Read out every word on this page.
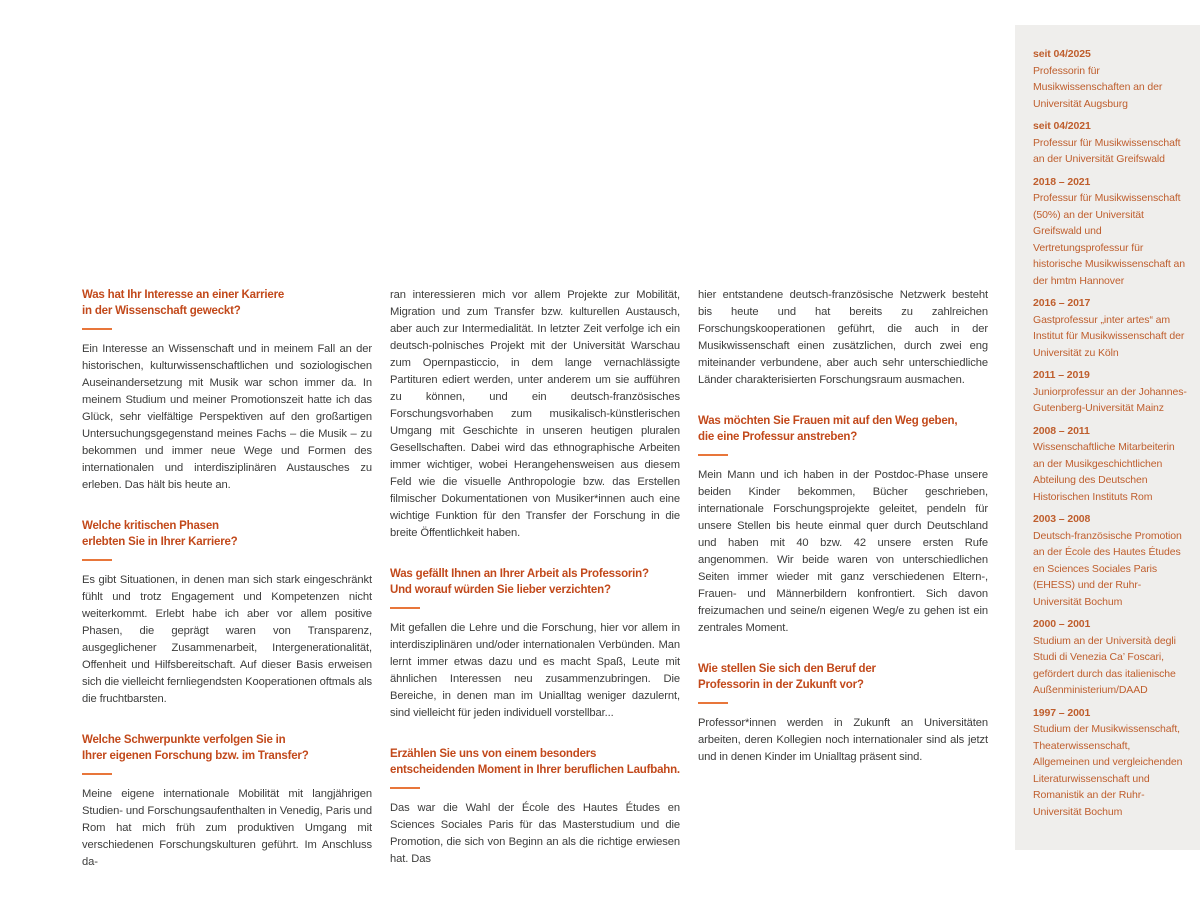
Was hat Ihr Interesse an einer Karriere
in der Wissenschaft geweckt?

Ein Interesse an Wissenschaft und in meinem Fall an der historischen, kulturwissenschaftlichen und soziologischen Auseinandersetzung mit Musik war schon immer da. In meinem Studium und meiner Promotionszeit hatte ich das Glück, sehr vielfältige Perspektiven auf den großartigen Untersuchungsgegenstand meines Fachs – die Musik – zu bekommen und immer neue Wege und Formen des internationalen und interdisziplinären Austausches zu erleben. Das hält bis heute an.

Welche kritischen Phasen
erlebten Sie in Ihrer Karriere?

Es gibt Situationen, in denen man sich stark eingeschränkt fühlt und trotz Engagement und Kompetenzen nicht weiterkommt. Erlebt habe ich aber vor allem positive Phasen, die geprägt waren von Transparenz, ausgeglichener Zusammenarbeit, Intergenerationalität, Offenheit und Hilfsbereitschaft. Auf dieser Basis erweisen sich die vielleicht fernliegendsten Kooperationen oftmals als die fruchtbarsten.

Welche Schwerpunkte verfolgen Sie in
Ihrer eigenen Forschung bzw. im Transfer?

Meine eigene internationale Mobilität mit langjährigen Studien- und Forschungsaufenthalten in Venedig, Paris und Rom hat mich früh zum produktiven Umgang mit verschiedenen Forschungskulturen geführt. Im Anschluss da-

ran interessieren mich vor allem Projekte zur Mobilität, Migration und zum Transfer bzw. kulturellen Austausch, aber auch zur Intermedialität. In letzter Zeit verfolge ich ein deutsch-polnisches Projekt mit der Universität Warschau zum Opernpasticcio, in dem lange vernachlässigte Partituren ediert werden, unter anderem um sie aufführen zu können, und ein deutsch-französisches Forschungsvorhaben zum musikalisch-künstlerischen Umgang mit Geschichte in unseren heutigen pluralen Gesellschaften. Dabei wird das ethnographische Arbeiten immer wichtiger, wobei Herangehensweisen aus diesem Feld wie die visuelle Anthropologie bzw. das Erstellen filmischer Dokumentationen von Musiker*innen auch eine wichtige Funktion für den Transfer der Forschung in die breite Öffentlichkeit haben.

Was gefällt Ihnen an Ihrer Arbeit als Professorin?
Und worauf würden Sie lieber verzichten?

Mit gefallen die Lehre und die Forschung, hier vor allem in interdisziplinären und/oder internationalen Verbünden. Man lernt immer etwas dazu und es macht Spaß, Leute mit ähnlichen Interessen neu zusammenzubringen. Die Bereiche, in denen man im Unialltag weniger dazulernt, sind vielleicht für jeden individuell vorstellbar...

Erzählen Sie uns von einem besonders
entscheidenden Moment in Ihrer beruflichen Laufbahn.

Das war die Wahl der École des Hautes Études en Sciences Sociales Paris für das Masterstudium und die Promotion, die sich von Beginn an als die richtige erwiesen hat. Das

hier entstandene deutsch-französische Netzwerk besteht bis heute und hat bereits zu zahlreichen Forschungskooperationen geführt, die auch in der Musikwissenschaft einen zusätzlichen, durch zwei eng miteinander verbundene, aber auch sehr unterschiedliche Länder charakterisierten Forschungsraum ausmachen.

Was möchten Sie Frauen mit auf den Weg geben,
die eine Professur anstreben?

Mein Mann und ich haben in der Postdoc-Phase unsere beiden Kinder bekommen, Bücher geschrieben, internationale Forschungsprojekte geleitet, pendeln für unsere Stellen bis heute einmal quer durch Deutschland und haben mit 40 bzw. 42 unsere ersten Rufe angenommen. Wir beide waren von unterschiedlichen Seiten immer wieder mit ganz verschiedenen Eltern-, Frauen- und Männerbildern konfrontiert. Sich davon freizumachen und seine/n eigenen Weg/e zu gehen ist ein zentrales Moment.

Wie stellen Sie sich den Beruf der
Professorin in der Zukunft vor?

Professor*innen werden in Zukunft an Universitäten arbeiten, deren Kollegien noch internationaler sind als jetzt und in denen Kinder im Unialltag präsent sind.

seit 04/2025
Professorin für Musikwissenschaften an der Universität Augsburg
seit 04/2021
Professur für Musikwissenschaft an der Universität Greifswald
2018 – 2021
Professur für Musikwissenschaft (50%) an der Universität Greifswald und Vertretungsprofessur für historische Musikwissenschaft an der hmtm Hannover
2016 – 2017
Gastprofessur „inter artes“ am Institut für Musikwissenschaft der Universität zu Köln
2011 – 2019
Juniorprofessur an der Johannes-Gutenberg-Universität Mainz
2008 – 2011
Wissenschaftliche Mitarbeiterin an der Musikgeschichtlichen Abteilung des Deutschen Historischen Instituts Rom
2003 – 2008
Deutsch-französische Promotion an der École des Hautes Études en Sciences Sociales Paris (EHESS) und der Ruhr-Universität Bochum
2000 – 2001
Studium an der Università degli Studi di Venezia Ca’ Foscari, gefördert durch das italienische Außenministerium/DAAD
1997 – 2001
Studium der Musikwissenschaft, Theaterwissenschaft, Allgemeinen und vergleichenden Literaturwissenschaft und Romanistik an der Ruhr-Universität Bochum
